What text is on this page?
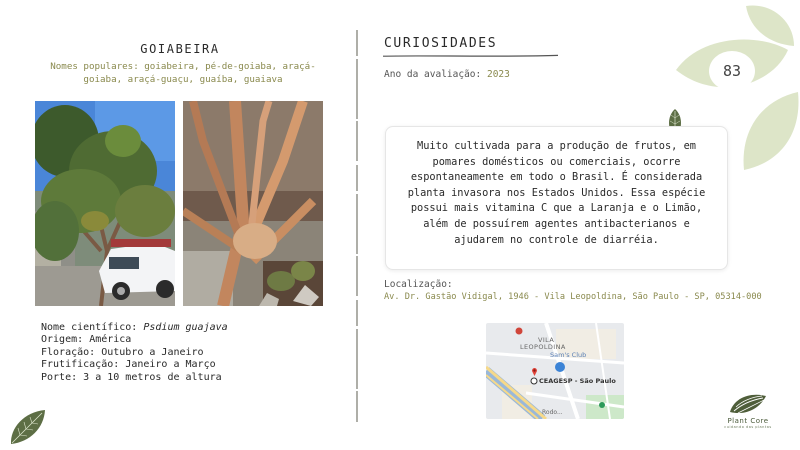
83
GOIABEIRA
Nomes populares: goiabeira, pé-de-goiaba, araçá-goiaba, araçá-guaçu, guaíba, guaiava
Nome científico: Psdium guajava
Origem: América
Floração: Outubro a Janeiro
Frutificação: Janeiro a Março
Porte: 3 a 10 metros de altura
CURIOSIDADES
Ano da avaliação: 2023
Muito cultivada para a produção de frutos, em pomares domésticos ou comerciais, ocorre espontaneamente em todo o Brasil. É considerada planta invasora nos Estados Unidos. Essa espécie possui mais vitamina C que a Laranja e o Limão, além de possuírem agentes antibacterianos e ajudarem no controle de diarréia.
Localização:
Av. Dr. Gastão Vidigal, 1946 - Vila Leopoldina, São Paulo - SP, 05314-000
VILA
LEOPOLDINA
Sam's Club
CEAGESP - São Paulo
Rodo...
Plant Core
cuidando das plantas
